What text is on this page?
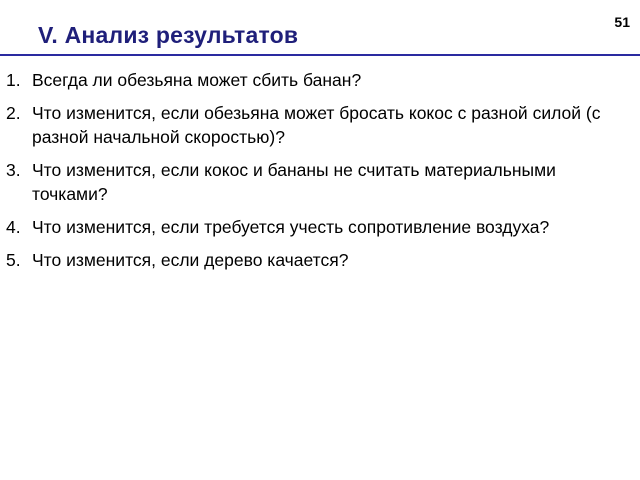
51
V. Анализ результатов
1. Всегда ли обезьяна может сбить банан?
2. Что изменится, если обезьяна может бросать кокос с разной силой (с разной начальной скоростью)?
3. Что изменится, если кокос и бананы не считать материальными точками?
4. Что изменится, если требуется учесть сопротивление воздуха?
5. Что изменится, если дерево качается?
